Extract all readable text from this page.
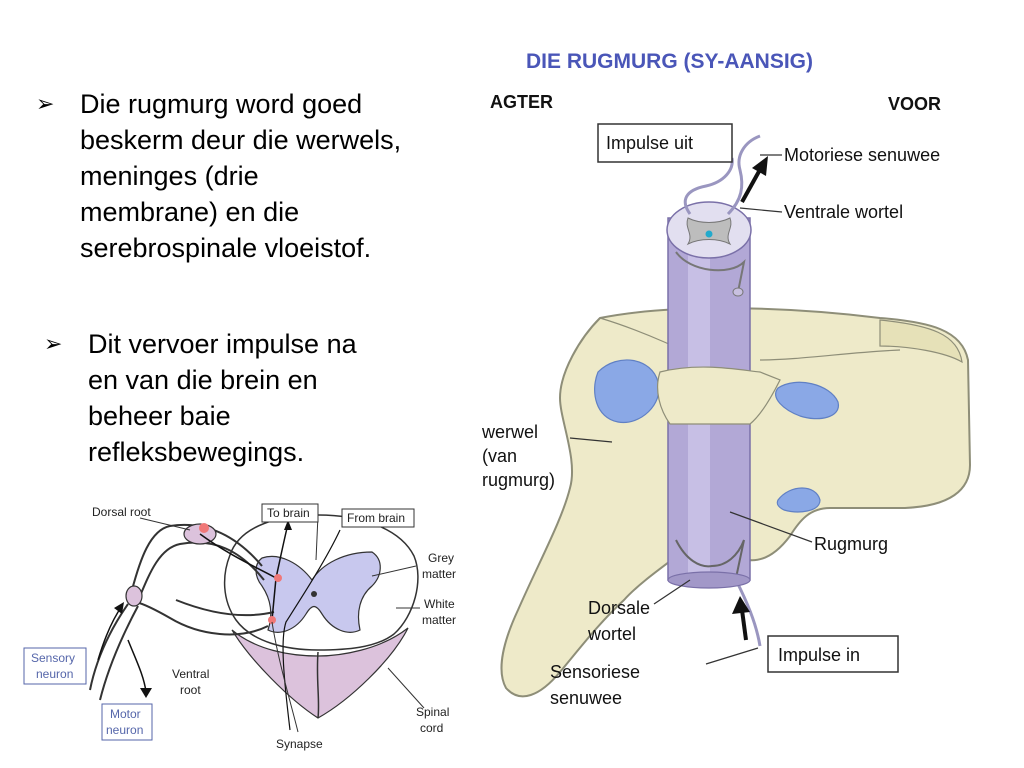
➢ Die rugmurg word goed
beskerm deur die werwels,
meninges (drie
membrane) en die
serebrospinale vloeistof.
➢ Dit vervoer impulse na
en van die brein en
beheer baie
refleksbewegings.
DIE RUGMURG (SY-AANSIG)
AGTER	VOOR
Impulse uit
Impulse in
Motoriese senuwee
Ventrale wortel
werwel
(van
rugmurg)
Rugmurg
Dorsale
wortel
Sensoriese
senuwee
To brain	From brain
Sensory
neuron
Motor
neuron
Dorsal root
Grey
matter
White
matter
Ventral
root
Spinal
cord
Synapse
